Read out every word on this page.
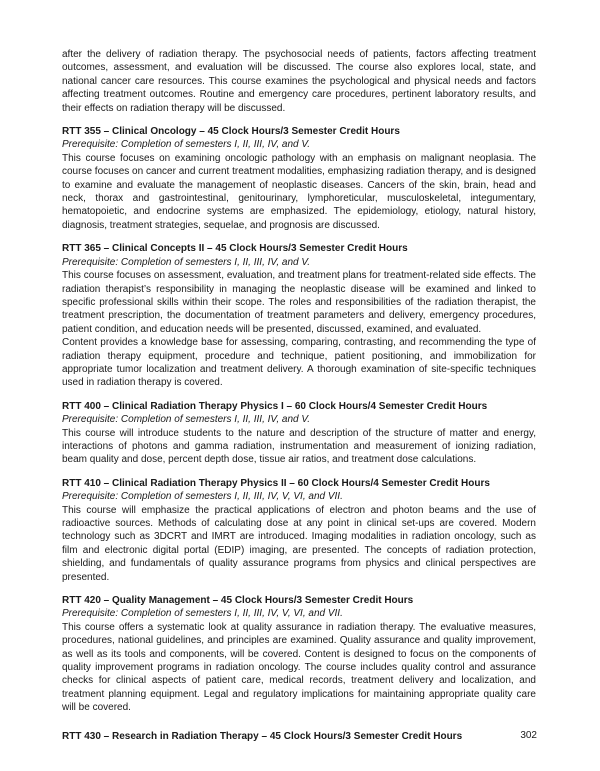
after the delivery of radiation therapy. The psychosocial needs of patients, factors affecting treatment outcomes, assessment, and evaluation will be discussed. The course also explores local, state, and national cancer care resources. This course examines the psychological and physical needs and factors affecting treatment outcomes. Routine and emergency care procedures, pertinent laboratory results, and their effects on radiation therapy will be discussed.

RTT 355 – Clinical Oncology – 45 Clock Hours/3 Semester Credit Hours

Prerequisite: Completion of semesters I, II, III, IV, and V.

This course focuses on examining oncologic pathology with an emphasis on malignant neoplasia. The course focuses on cancer and current treatment modalities, emphasizing radiation therapy, and is designed to examine and evaluate the management of neoplastic diseases. Cancers of the skin, brain, head and neck, thorax and gastrointestinal, genitourinary, lymphoreticular, musculoskeletal, integumentary, hematopoietic, and endocrine systems are emphasized. The epidemiology, etiology, natural history, diagnosis, treatment strategies, sequelae, and prognosis are discussed.

RTT 365 – Clinical Concepts II – 45 Clock Hours/3 Semester Credit Hours

Prerequisite: Completion of semesters I, II, III, IV, and V.

This course focuses on assessment, evaluation, and treatment plans for treatment-related side effects. The radiation therapist’s responsibility in managing the neoplastic disease will be examined and linked to specific professional skills within their scope. The roles and responsibilities of the radiation therapist, the treatment prescription, the documentation of treatment parameters and delivery, emergency procedures, patient condition, and education needs will be presented, discussed, examined, and evaluated.

Content provides a knowledge base for assessing, comparing, contrasting, and recommending the type of radiation therapy equipment, procedure and technique, patient positioning, and immobilization for appropriate tumor localization and treatment delivery. A thorough examination of site-specific techniques used in radiation therapy is covered.

RTT 400 – Clinical Radiation Therapy Physics I – 60 Clock Hours/4 Semester Credit Hours

Prerequisite: Completion of semesters I, II, III, IV, and V.

This course will introduce students to the nature and description of the structure of matter and energy, interactions of photons and gamma radiation, instrumentation and measurement of ionizing radiation, beam quality and dose, percent depth dose, tissue air ratios, and treatment dose calculations.

RTT 410 – Clinical Radiation Therapy Physics II – 60 Clock Hours/4 Semester Credit Hours

Prerequisite: Completion of semesters I, II, III, IV, V, VI, and VII.

This course will emphasize the practical applications of electron and photon beams and the use of radioactive sources. Methods of calculating dose at any point in clinical set-ups are covered. Modern technology such as 3DCRT and IMRT are introduced. Imaging modalities in radiation oncology, such as film and electronic digital portal (EDIP) imaging, are presented. The concepts of radiation protection, shielding, and fundamentals of quality assurance programs from physics and clinical perspectives are presented.

RTT 420 – Quality Management – 45 Clock Hours/3 Semester Credit Hours

Prerequisite: Completion of semesters I, II, III, IV, V, VI, and VII.

This course offers a systematic look at quality assurance in radiation therapy. The evaluative measures, procedures, national guidelines, and principles are examined. Quality assurance and quality improvement, as well as its tools and components, will be covered. Content is designed to focus on the components of quality improvement programs in radiation oncology. The course includes quality control and assurance checks for clinical aspects of patient care, medical records, treatment delivery and localization, and treatment planning equipment. Legal and regulatory implications for maintaining appropriate quality care will be covered.

RTT 430 – Research in Radiation Therapy – 45 Clock Hours/3 Semester Credit Hours	302
